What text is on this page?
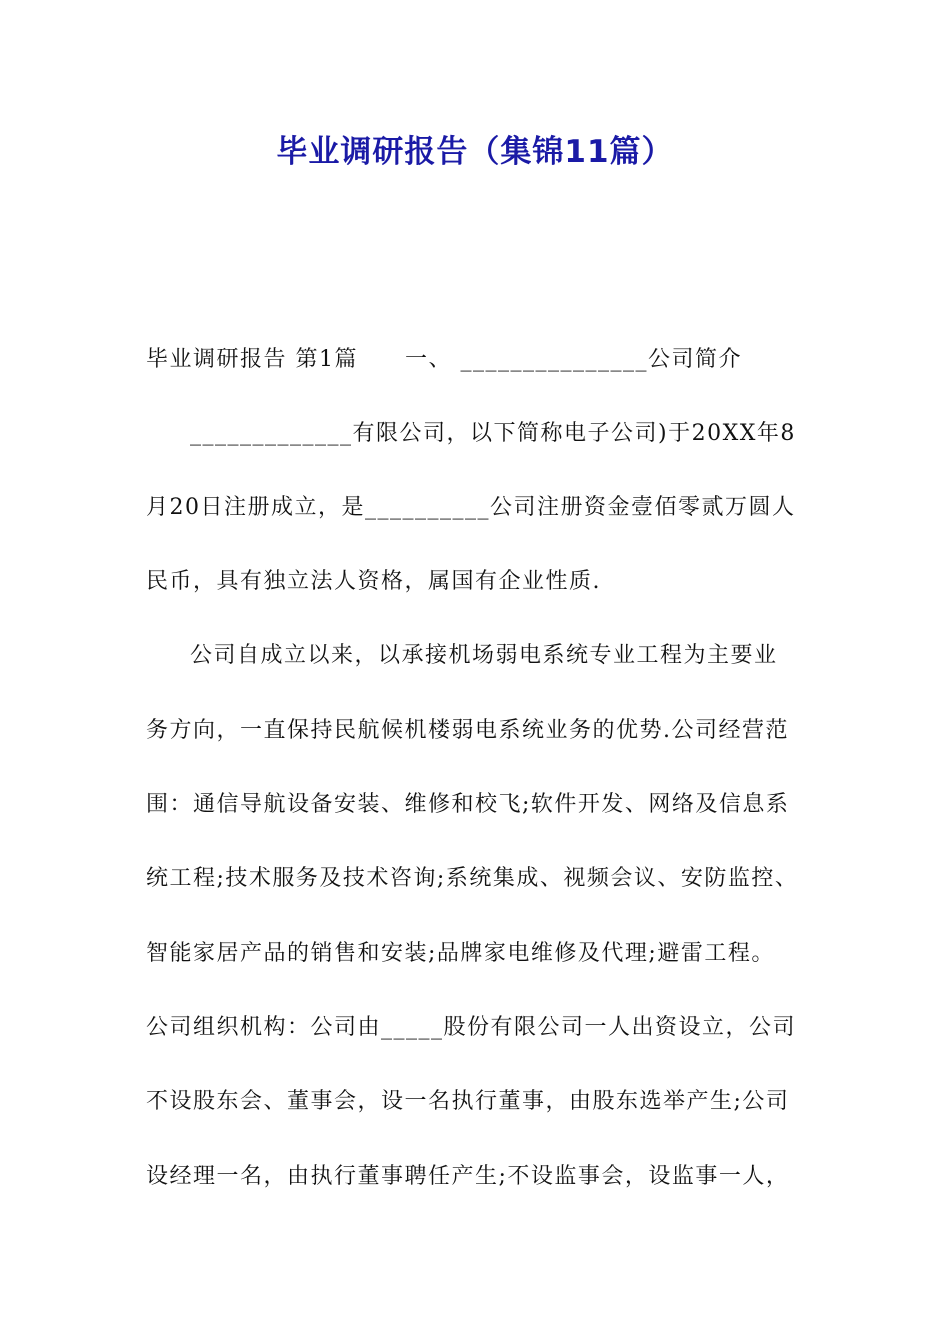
毕业调研报告（集锦11篇）
毕业调研报告 第1篇　　一、 _______________公司简介
_____________有限公司，以下简称电子公司)于20XX年8
月20日注册成立，是__________公司注册资金壹佰零贰万圆人
民币，具有独立法人资格，属国有企业性质.
公司自成立以来，以承接机场弱电系统专业工程为主要业
务方向，一直保持民航候机楼弱电系统业务的优势.公司经营范
围：通信导航设备安装、维修和校飞;软件开发、网络及信息系
统工程;技术服务及技术咨询;系统集成、视频会议、安防监控、
智能家居产品的销售和安装;品牌家电维修及代理;避雷工程。
公司组织机构：公司由_____股份有限公司一人出资设立，公司
不设股东会、董事会，设一名执行董事，由股东选举产生;公司
设经理一名，由执行董事聘任产生;不设监事会，设监事一人，
